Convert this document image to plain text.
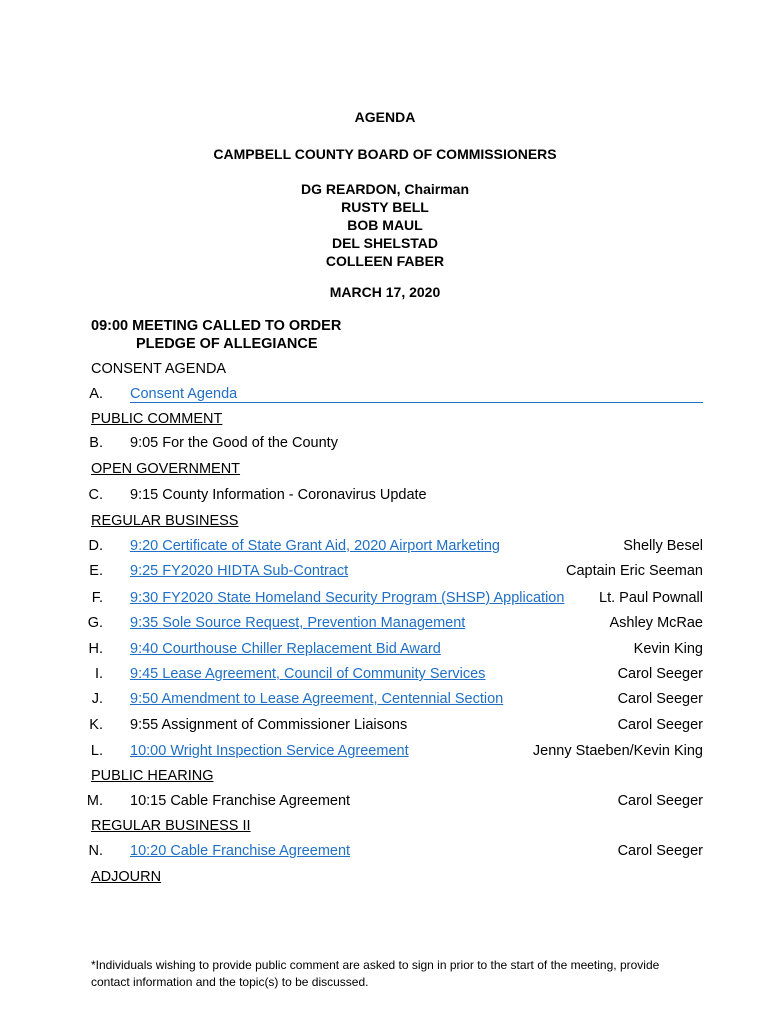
AGENDA
CAMPBELL COUNTY BOARD OF COMMISSIONERS
DG REARDON, Chairman
RUSTY BELL
BOB MAUL
DEL SHELSTAD
COLLEEN FABER
MARCH 17, 2020
09:00 MEETING CALLED TO ORDER
PLEDGE OF ALLEGIANCE
CONSENT AGENDA
A. Consent Agenda
PUBLIC COMMENT
B. 9:05 For the Good of the County
OPEN GOVERNMENT
C. 9:15 County Information - Coronavirus Update
REGULAR BUSINESS
D. 9:20 Certificate of State Grant Aid, 2020 Airport Marketing	Shelly Besel
E. 9:25 FY2020 HIDTA Sub-Contract	Captain Eric Seeman
F. 9:30 FY2020 State Homeland Security Program (SHSP) Application Lt. Paul Pownall
G. 9:35 Sole Source Request, Prevention Management	Ashley McRae
H. 9:40 Courthouse Chiller Replacement Bid Award	Kevin King
I. 9:45 Lease Agreement, Council of Community Services	Carol Seeger
J. 9:50 Amendment to Lease Agreement, Centennial Section	Carol Seeger
K. 9:55 Assignment of Commissioner Liaisons	Carol Seeger
L. 10:00 Wright Inspection Service Agreement	Jenny Staeben/Kevin King
PUBLIC HEARING
M. 10:15 Cable Franchise Agreement	Carol Seeger
REGULAR BUSINESS II
N. 10:20 Cable Franchise Agreement	Carol Seeger
ADJOURN
*Individuals wishing to provide public comment are asked to sign in prior to the start of the meeting, provide contact information and the topic(s) to be discussed.
